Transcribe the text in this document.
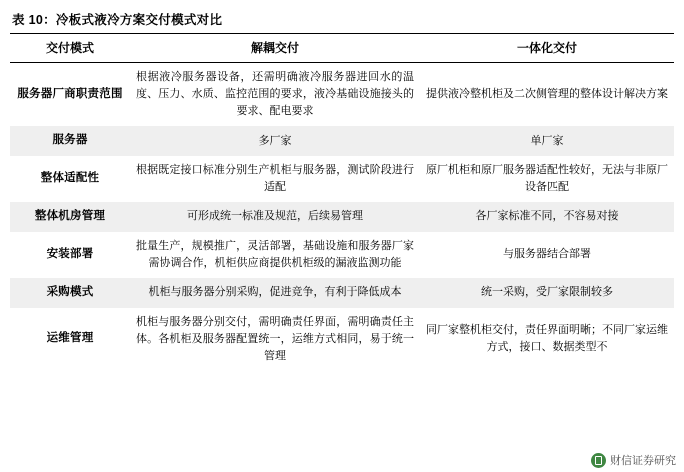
表 10：冷板式液冷方案交付模式对比
交付模式	解耦交付	一体化交付
服务器厂商职责范围	根据液冷服务器设备，还需明确液冷服务器进回水的温度、压力、水质、监控范围的要求，液冷基础设施接头的要求、配电要求	提供液冷整机柜及二次侧管理的整体设计解决方案
服务器	多厂家	单厂家
整体适配性	根据既定接口标准分别生产机柜与服务器，测试阶段进行适配	原厂机柜和原厂服务器适配性较好，无法与非原厂设备匹配
整体机房管理	可形成统一标准及规范，后续易管理	各厂家标准不同，不容易对接
安装部署	批量生产，规模推广，灵活部署，基础设施和服务器厂家需协调合作，机柜供应商提供机柜级的漏液监测功能	与服务器结合部署
采购模式	机柜与服务器分别采购，促进竞争，有利于降低成本	统一采购，受厂家限制较多
运维管理	机柜与服务器分别交付，需明确责任界面，需明确责任主体。各机柜及服务器配置统一，运维方式相同，易于统一管理	同厂家整机柜交付，责任界面明晰；不同厂家运维方式，接口、数据类型不
财信证券研究
